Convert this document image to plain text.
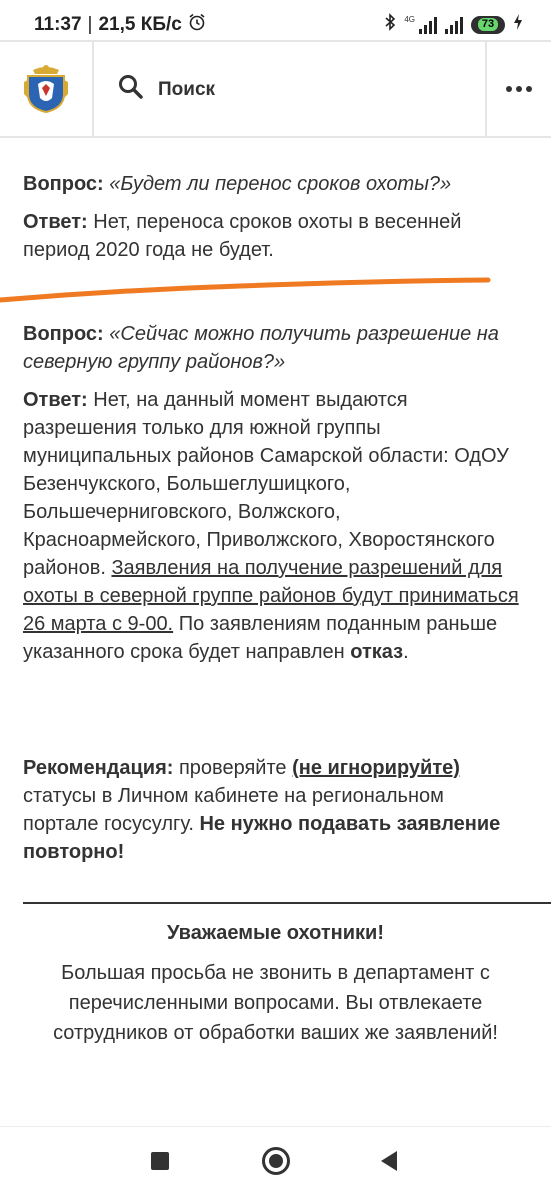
11:37 | 21,5 КБ/с	4G	73
Поиск

Вопрос: «Будет ли перенос сроков охоты?»

Ответ: Нет, переноса сроков охоты в весенней период 2020 года не будет.

Вопрос: «Сейчас можно получить разрешение на северную группу районов?»

Ответ: Нет, на данный момент выдаются разрешения только для южной группы муниципальных районов Самарской области: ОдОУ Безенчукского, Большеглушицкого, Большечерниговского, Волжского, Красноармейского, Приволжского, Хворостянского районов. Заявления на получение разрешений для охоты в северной группе районов будут приниматься 26 марта с 9-00. По заявлениям поданным раньше указанного срока будет направлен отказ.

Рекомендация: проверяйте (не игнорируйте) статусы в Личном кабинете на региональном портале госусулгу. Не нужно подавать заявление повторно!

Уважаемые охотники!
Большая просьба не звонить в департамент с
перечисленными вопросами. Вы отвлекаете
сотрудников от обработки ваших же заявлений!
